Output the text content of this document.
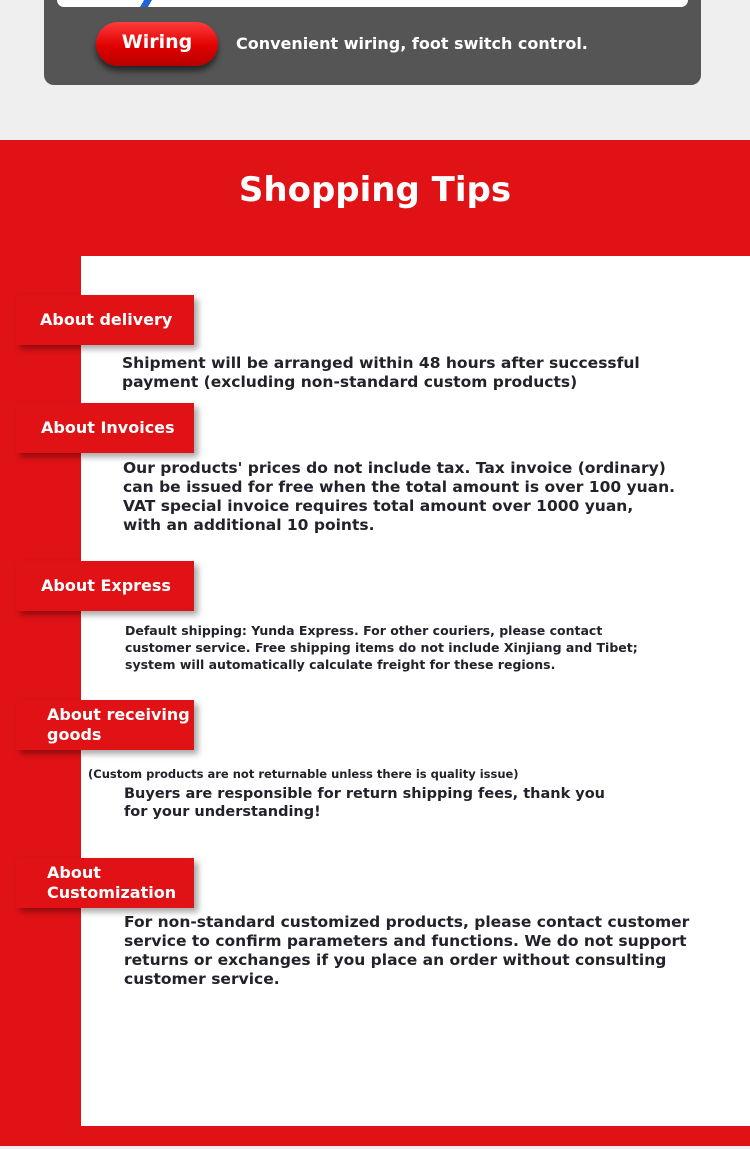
Wiring	Convenient wiring, foot switch control.
Shopping Tips
About delivery
Shipment will be arranged within 48 hours after successful
payment (excluding non-standard custom products)
About Invoices
Our products' prices do not include tax. Tax invoice (ordinary)
can be issued for free when the total amount is over 100 yuan.
VAT special invoice requires total amount over 1000 yuan,
with an additional 10 points.
About Express
Default shipping: Yunda Express. For other couriers, please contact
customer service. Free shipping items do not include Xinjiang and Tibet;
system will automatically calculate freight for these regions.
About receiving
goods
(Custom products are not returnable unless there is quality issue)
Buyers are responsible for return shipping fees, thank you
for your understanding!
About
Customization
For non-standard customized products, please contact customer
service to confirm parameters and functions. We do not support
returns or exchanges if you place an order without consulting
customer service.
